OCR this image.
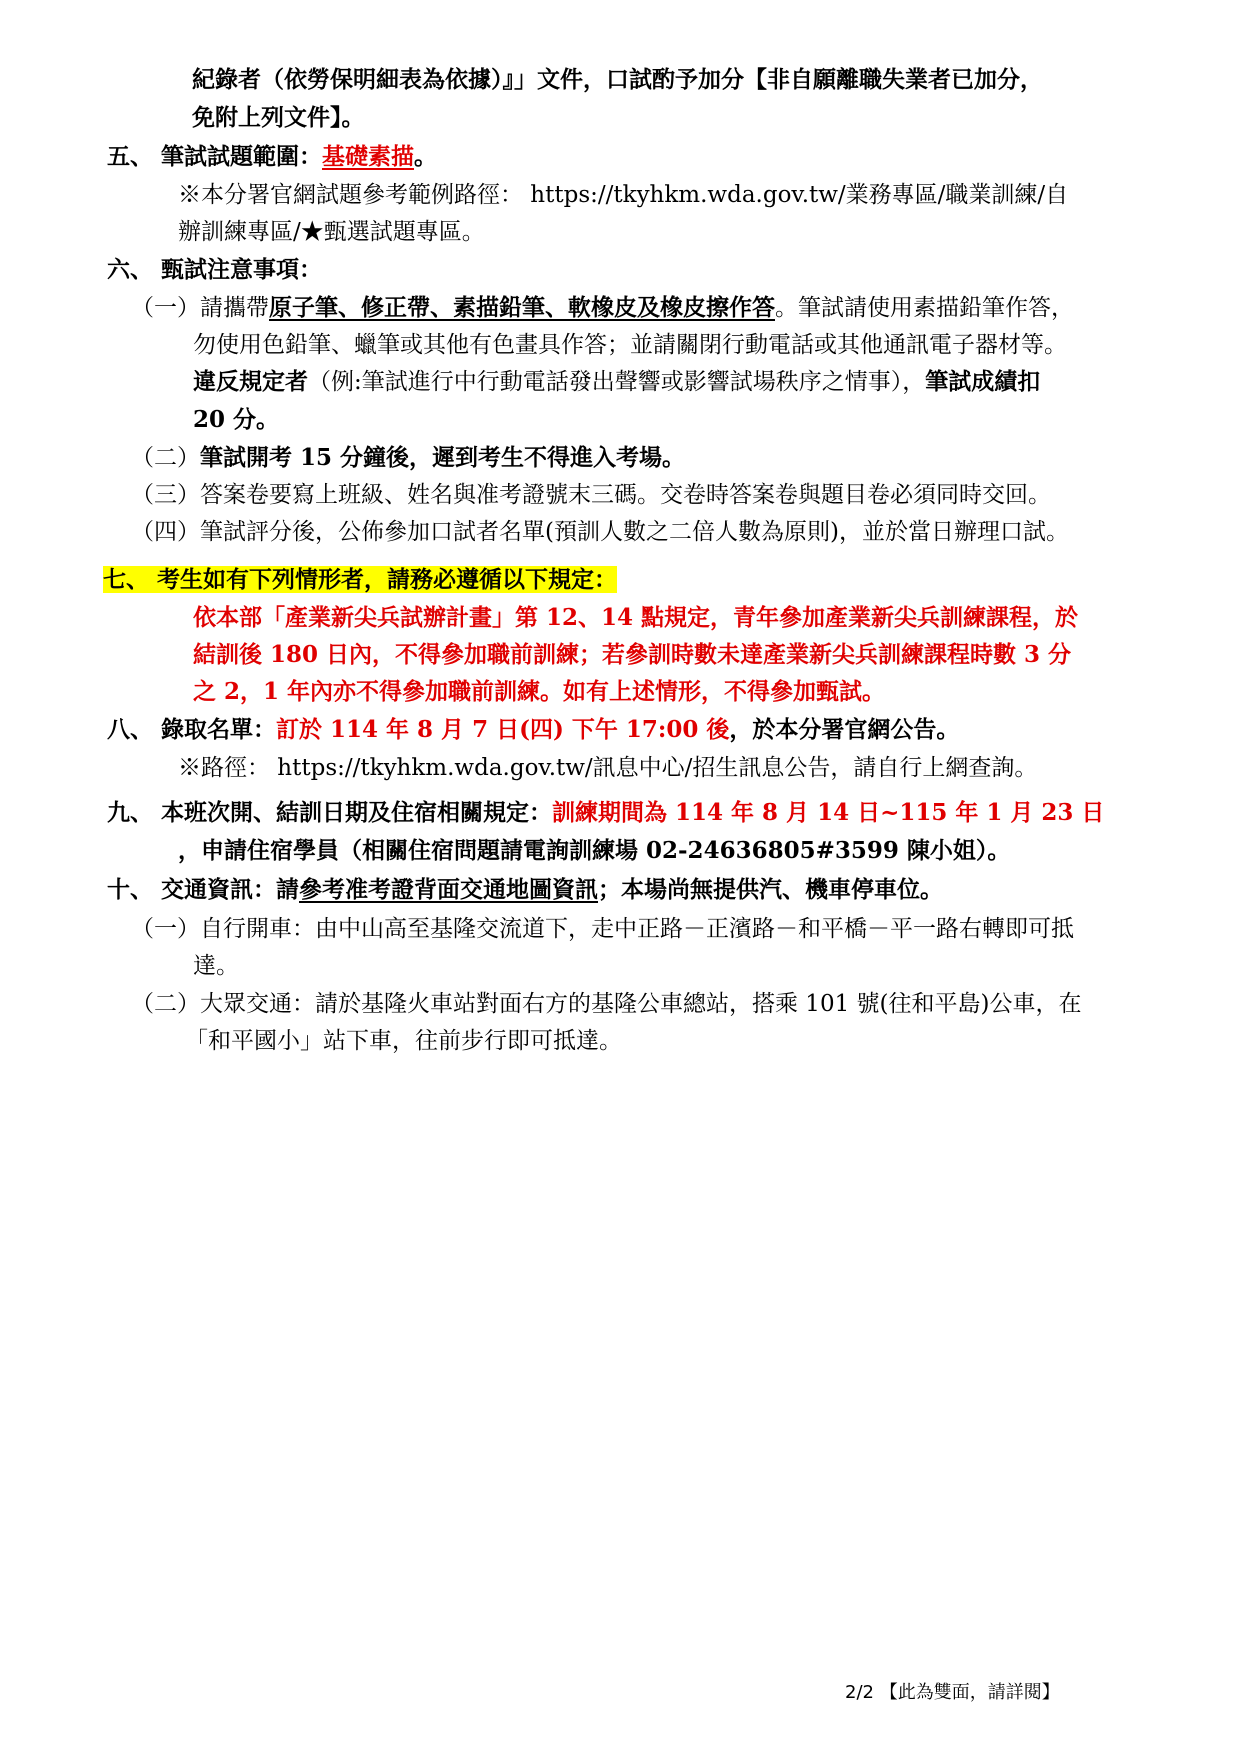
紀錄者（依勞保明細表為依據）』」文件，口試酌予加分【非自願離職失業者已加分，
免附上列文件】。
五、 筆試試題範圍：基礎素描。
※本分署官網試題參考範例路徑： https://tkyhkm.wda.gov.tw/業務專區/職業訓練/自
辦訓練專區/★甄選試題專區。
六、 甄試注意事項：
（一）請攜帶原子筆、修正帶、素描鉛筆、軟橡皮及橡皮擦作答。筆試請使用素描鉛筆作答，
勿使用色鉛筆、蠟筆或其他有色畫具作答；並請關閉行動電話或其他通訊電子器材等。
違反規定者（例:筆試進行中行動電話發出聲響或影響試場秩序之情事），筆試成績扣
20 分。
（二）筆試開考 15 分鐘後，遲到考生不得進入考場。
（三）答案卷要寫上班級、姓名與准考證號末三碼。交卷時答案卷與題目卷必須同時交回。
（四）筆試評分後，公佈參加口試者名單(預訓人數之二倍人數為原則)，並於當日辦理口試。
七、 考生如有下列情形者，請務必遵循以下規定：
依本部「產業新尖兵試辦計畫」第 12、14 點規定，青年參加產業新尖兵訓練課程，於
結訓後 180 日內，不得參加職前訓練；若參訓時數未達產業新尖兵訓練課程時數 3 分
之 2，1 年內亦不得參加職前訓練。如有上述情形，不得參加甄試。
八、 錄取名單：訂於 114 年 8 月 7 日(四) 下午 17:00 後，於本分署官網公告。
※路徑： https://tkyhkm.wda.gov.tw/訊息中心/招生訊息公告，請自行上網查詢。
九、 本班次開、結訓日期及住宿相關規定：訓練期間為 114 年 8 月 14 日~115 年 1 月 23 日
，申請住宿學員（相關住宿問題請電詢訓練場 02-24636805#3599 陳小姐）。
十、 交通資訊：請參考准考證背面交通地圖資訊；本場尚無提供汽、機車停車位。
（一）自行開車：由中山高至基隆交流道下，走中正路－正濱路－和平橋－平一路右轉即可抵
達。
（二）大眾交通：請於基隆火車站對面右方的基隆公車總站，搭乘 101 號(往和平島)公車，在
「和平國小」站下車，往前步行即可抵達。
2/2 【此為雙面，請詳閱】
